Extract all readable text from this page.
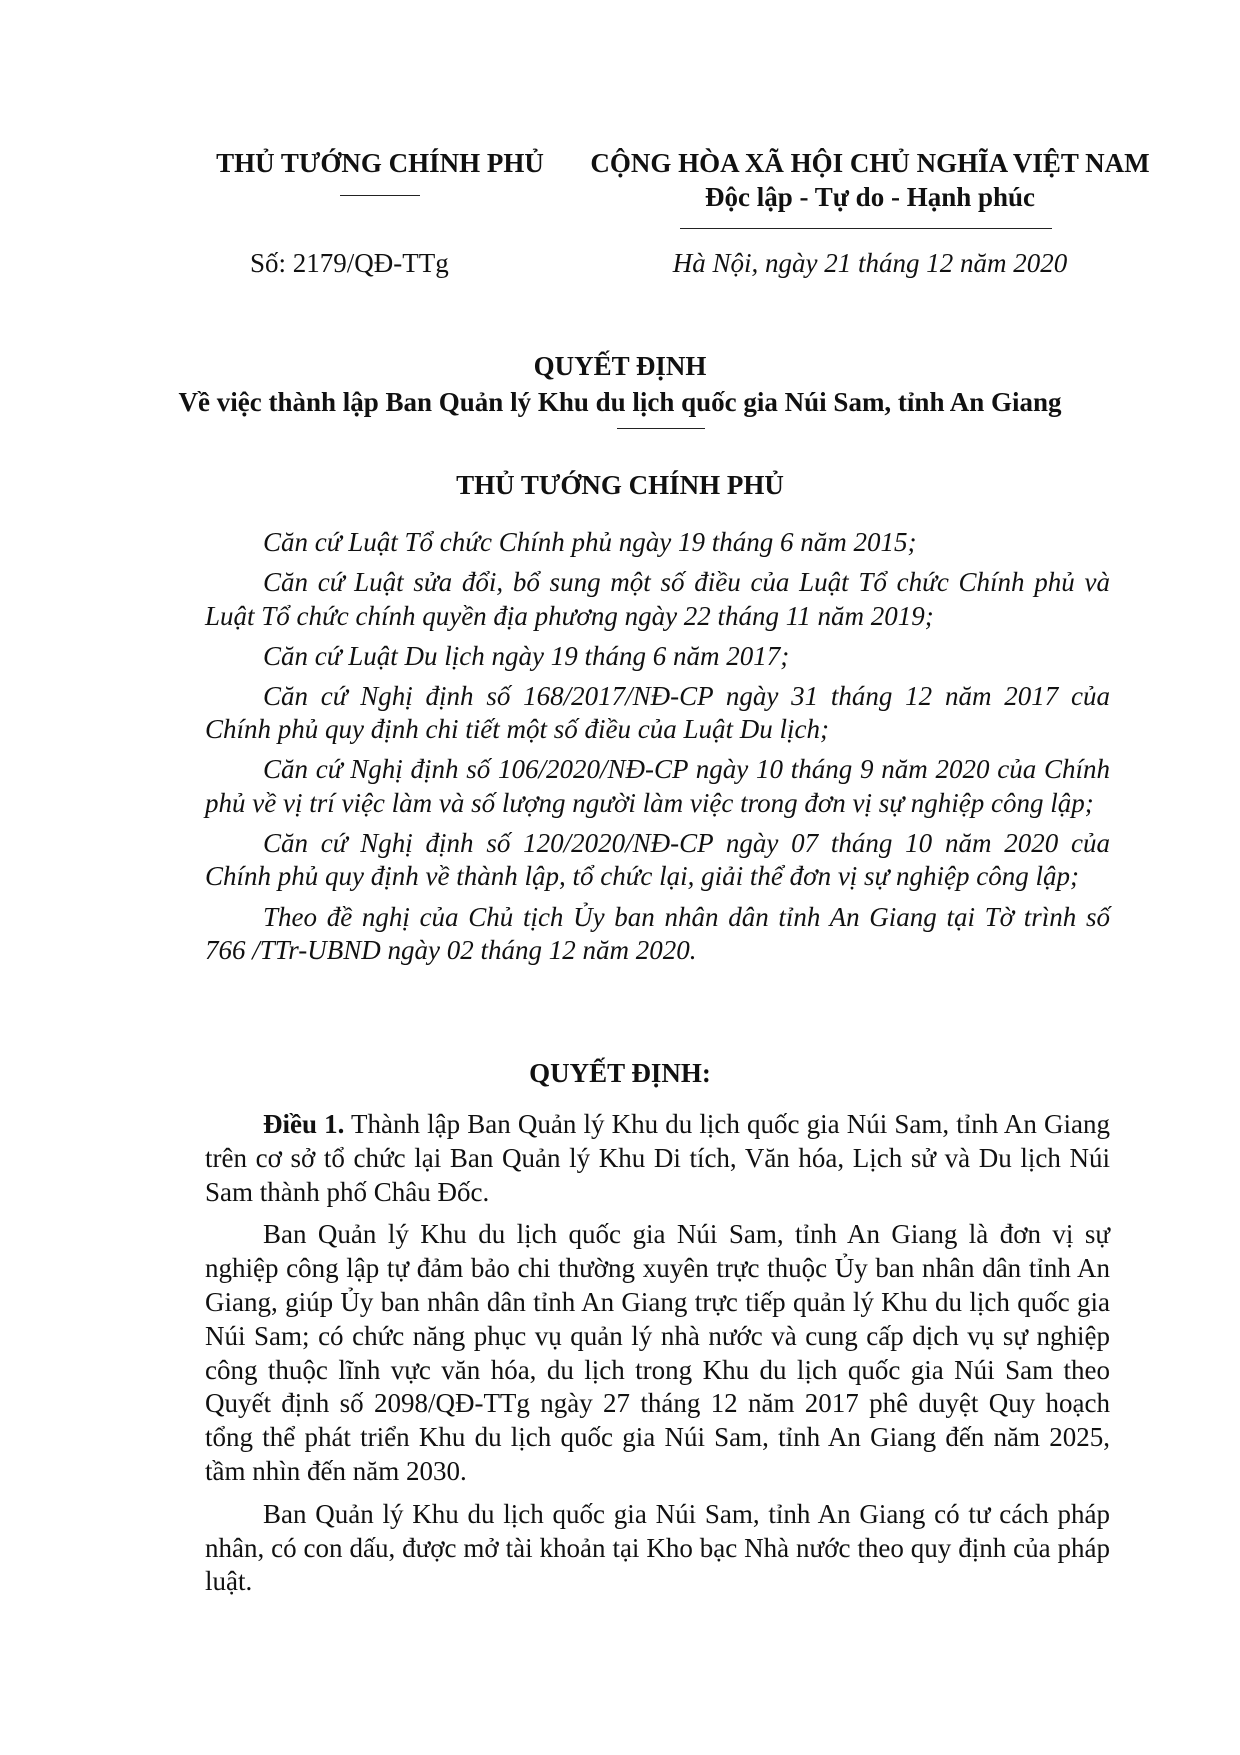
THỦ TƯỚNG CHÍNH PHỦ	CỘNG HÒA XÃ HỘI CHỦ NGHĨA VIỆT NAM
Độc lập - Tự do - Hạnh phúc
Số: 2179/QĐ-TTg	Hà Nội, ngày 21 tháng 12 năm 2020
QUYẾT ĐỊNH
Về việc thành lập Ban Quản lý Khu du lịch quốc gia Núi Sam, tỉnh An Giang
THỦ TƯỚNG CHÍNH PHỦ

Căn cứ Luật Tổ chức Chính phủ ngày 19 tháng 6 năm 2015;

Căn cứ Luật sửa đổi, bổ sung một số điều của Luật Tổ chức Chính phủ và Luật Tổ chức chính quyền địa phương ngày 22 tháng 11 năm 2019;

Căn cứ Luật Du lịch ngày 19 tháng 6 năm 2017;

Căn cứ Nghị định số 168/2017/NĐ-CP ngày 31 tháng 12 năm 2017 của Chính phủ quy định chi tiết một số điều của Luật Du lịch;

Căn cứ Nghị định số 106/2020/NĐ-CP ngày 10 tháng 9 năm 2020 của Chính phủ về vị trí việc làm và số lượng người làm việc trong đơn vị sự nghiệp công lập;

Căn cứ Nghị định số 120/2020/NĐ-CP ngày 07 tháng 10 năm 2020 của Chính phủ quy định về thành lập, tổ chức lại, giải thể đơn vị sự nghiệp công lập;

Theo đề nghị của Chủ tịch Ủy ban nhân dân tỉnh An Giang tại Tờ trình số 766 /TTr-UBND ngày 02 tháng 12 năm 2020.

QUYẾT ĐỊNH:

Điều 1. Thành lập Ban Quản lý Khu du lịch quốc gia Núi Sam, tỉnh An Giang trên cơ sở tổ chức lại Ban Quản lý Khu Di tích, Văn hóa, Lịch sử và Du lịch Núi Sam thành phố Châu Đốc.

Ban Quản lý Khu du lịch quốc gia Núi Sam, tỉnh An Giang là đơn vị sự nghiệp công lập tự đảm bảo chi thường xuyên trực thuộc Ủy ban nhân dân tỉnh An Giang, giúp Ủy ban nhân dân tỉnh An Giang trực tiếp quản lý Khu du lịch quốc gia Núi Sam; có chức năng phục vụ quản lý nhà nước và cung cấp dịch vụ sự nghiệp công thuộc lĩnh vực văn hóa, du lịch trong Khu du lịch quốc gia Núi Sam theo Quyết định số 2098/QĐ-TTg ngày 27 tháng 12 năm 2017 phê duyệt Quy hoạch tổng thể phát triển Khu du lịch quốc gia Núi Sam, tỉnh An Giang đến năm 2025, tầm nhìn đến năm 2030.

Ban Quản lý Khu du lịch quốc gia Núi Sam, tỉnh An Giang có tư cách pháp nhân, có con dấu, được mở tài khoản tại Kho bạc Nhà nước theo quy định của pháp luật.
